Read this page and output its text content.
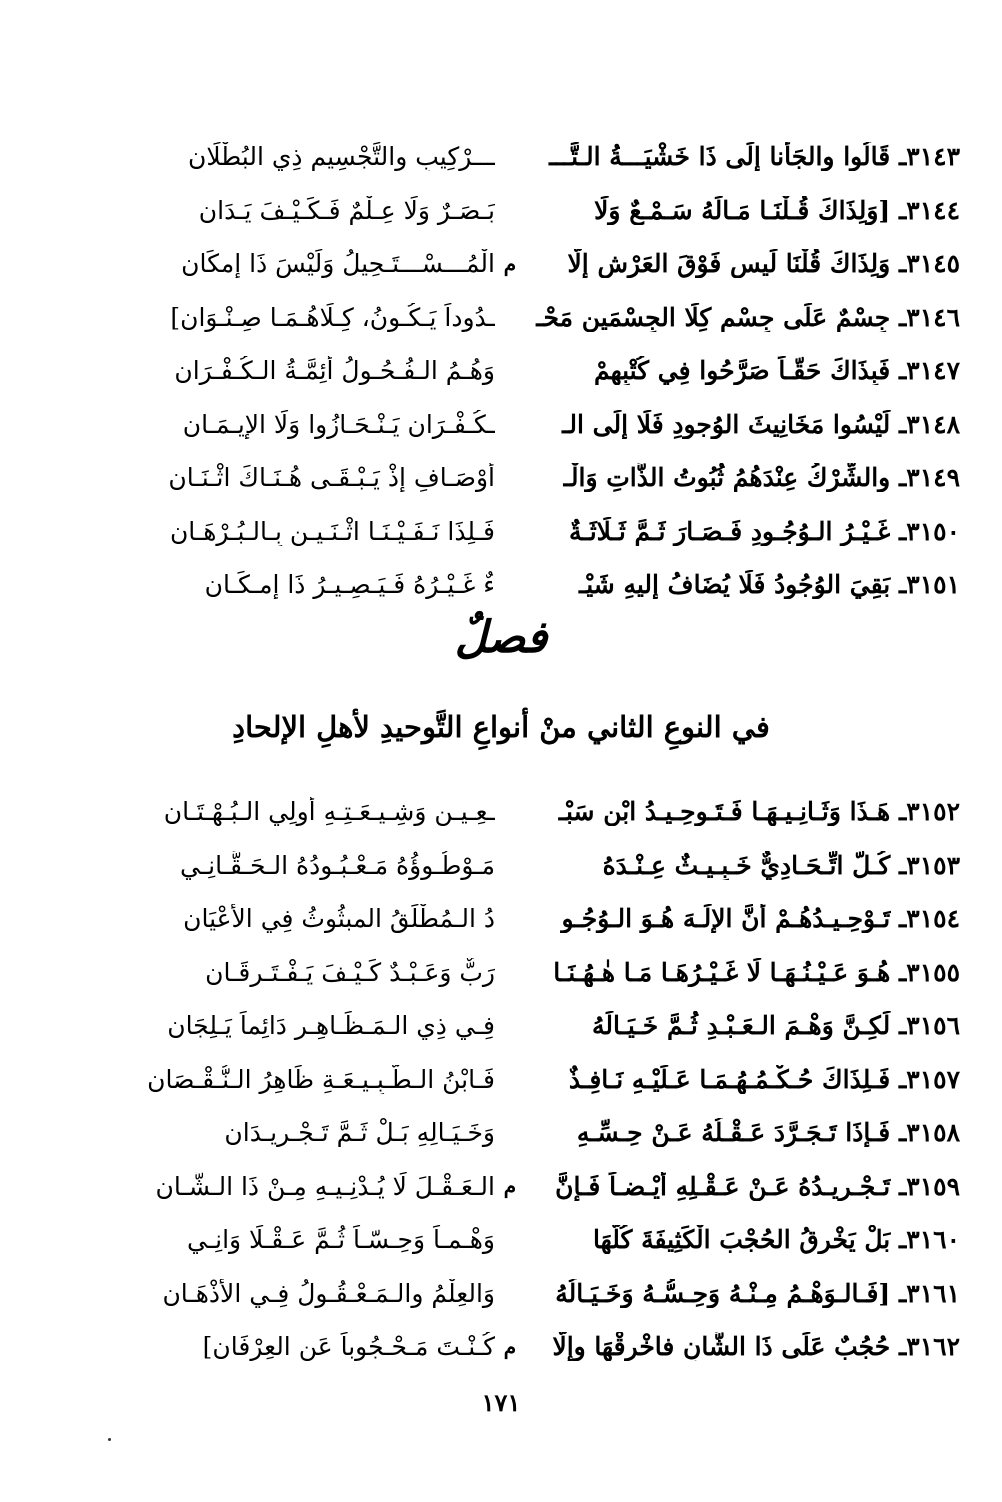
٣١٤٣ـ قَالُوا والجَأَنا إِلَى ذَا خَشْيَـــةُ الـتَّـــ
ـــرْكِيبِ والتَّجْسِيمِ ذِي البُطْلَانِ
٣١٤٤ـ [وَلِذَاكَ قُـلْنَـا مَـالَهُ سَـمْـعٌ وَلَا
بَـصَـرٌ وَلَا عِـلْمٌ فَـكَـيْـفَ يَـدَانِ
٣١٤٥ـ وَلِذَاكَ قُلْنَا لَيس فَوْقَ العَرْشِ إِلَّا
م
الْمُـــسْـــتَـحِيلُ وَلَيْسَ ذَا إِمكَانِ
٣١٤٦ـ جِسْمٌ عَلَى جِسْمٍ كِلَا الجِسْمَينِ مَحْـ
ـدُوداً يَـكُـونُ، كِـلَاهُـمَـا صِـنْـوَانِ]
٣١٤٧ـ فَبِذَاكَ حَقّـاً صَرَّحُوا فِي كُتْبِهِمْ
وَهُـمُ الـفُـحُـولُ أَئِمَّـةُ الـكُـفْـرَانِ
٣١٤٨ـ لَيْسُوا مَخَانِيثَ الوُجودِ فَلَا إِلَى الـ
ـكُـفْـرَانِ يَـنْـحَـازُوا وَلَا الإِيـمَـانِ
٣١٤٩ـ والشِّرْكُ عِنْدَهُمُ ثُبُوتُ الذَّاتِ وَالْـ
أَوْصَـافِ إِذْ يَـبْـقَـى هُـنَـاكَ اثْـنَـانِ
٣١٥٠ـ غَـيْـرُ الـوُجُـودِ فَـصَـارَ ثَـمَّ ثَـلَاثَـةٌ
فَـلِذَا نَـفَـيْـنَـا اثْـنَـيـنِ بِـالـبُـرْهَـانِ
٣١٥١ـ بَقِيَ الوُجُودُ فَلَا يُضَافُ إِليهِ شَيْـ
ءٌ غَـيْـرُهُ فَـيَـصِـيـرُ ذَا إِمـكَـانِ
فصلٌ
في النوعِ الثاني منْ أنواعِ التَّوحيدِ لأهلِ الإلحادِ
٣١٥٢ـ هَـذَا وَثَـانِـيـهَـا فَـتَـوحِـيـدُ ابْنِ سَبْـ
ـعِـيـنٍ وَشِـيـعَـتِـهِ أُولِي الـبُـهْـتَـانِ
٣١٥٣ـ كُـلٌّ اتِّـحَـادِيٌّ خَـبِـيـثٌ عِـنْـدَهُ
مَـوْطُـوؤُهُ مَـعْـبُـودُهُ الـحَـقَّـانِـي
٣١٥٤ـ تَـوْحِـيـدُهُـمْ أَنَّ الإِلَـهَ هُـوَ الـوُجُـو
دُ الـمُطْلَقُ المبثُوثُ فِي الأَعْيَانِ
٣١٥٥ـ هُـوَ عَـيْـنُـهَـا لَا غَـيْـرُهَـا مَـا هٰـهُـنَـا
رَبٌّ وَعَـبْـدٌ كَـيْـفَ يَـفْـتَـرِقَـانِ
٣١٥٦ـ لَكِـنَّ وَهْـمَ الـعَـبْـدِ ثُـمَّ خَـيَـالَهُ
فِـي ذِي الـمَـظَـاهِـرِ دَائِماً يَـلِجَانِ
٣١٥٧ـ فَـلِذَاكَ حُـكْـمُـهُـمَـا عَـلَيْـهِ نَـافِـذٌ
فَـابْنُ الـطَّـبِـيـعَـةِ ظَاهِرُ الـنُّـقْـصَانِ
٣١٥٨ـ فَـإِذَا تَـجَـرَّدَ عَـقْـلُهُ عَـنْ حِـسِّـهِ
وَخَـيَـالِهِ بَـلْ ثَـمَّ تَـجْـرِيـدَانِ
٣١٥٩ـ تَـجْـرِيـدُهُ عَـنْ عَـقْـلِهِ أَيْـضـاً فَـإِنَّ
م
الـعَـقْـلَ لَا يُـدْنِـيـهِ مِـنْ ذَا الـشَّـانِ
٣١٦٠ـ بَلْ يَخْرِقُ الحُجْبَ الْكَثِيفَةَ كُلَّهَا
وَهْـمـاً وَحِـسّـاً ثُـمَّ عَـقْـلًا وَانِـي
٣١٦١ـ [فَـالـوَهْـمُ مِـنْـهُ وَحِـسُّـهُ وَخَـيَـالُهُ
وَالعِلْمُ والـمَـعْـقُـولُ فِـي الأَذْهَـانِ
٣١٦٢ـ حُجُبٌ عَلَى ذَا الشَّانِ فاخْرِقْهَا وإِلَّا
م
كُـنْـتَ مَـحْـجُوباً عَنِ العِرْفَانِ]
١٧١
